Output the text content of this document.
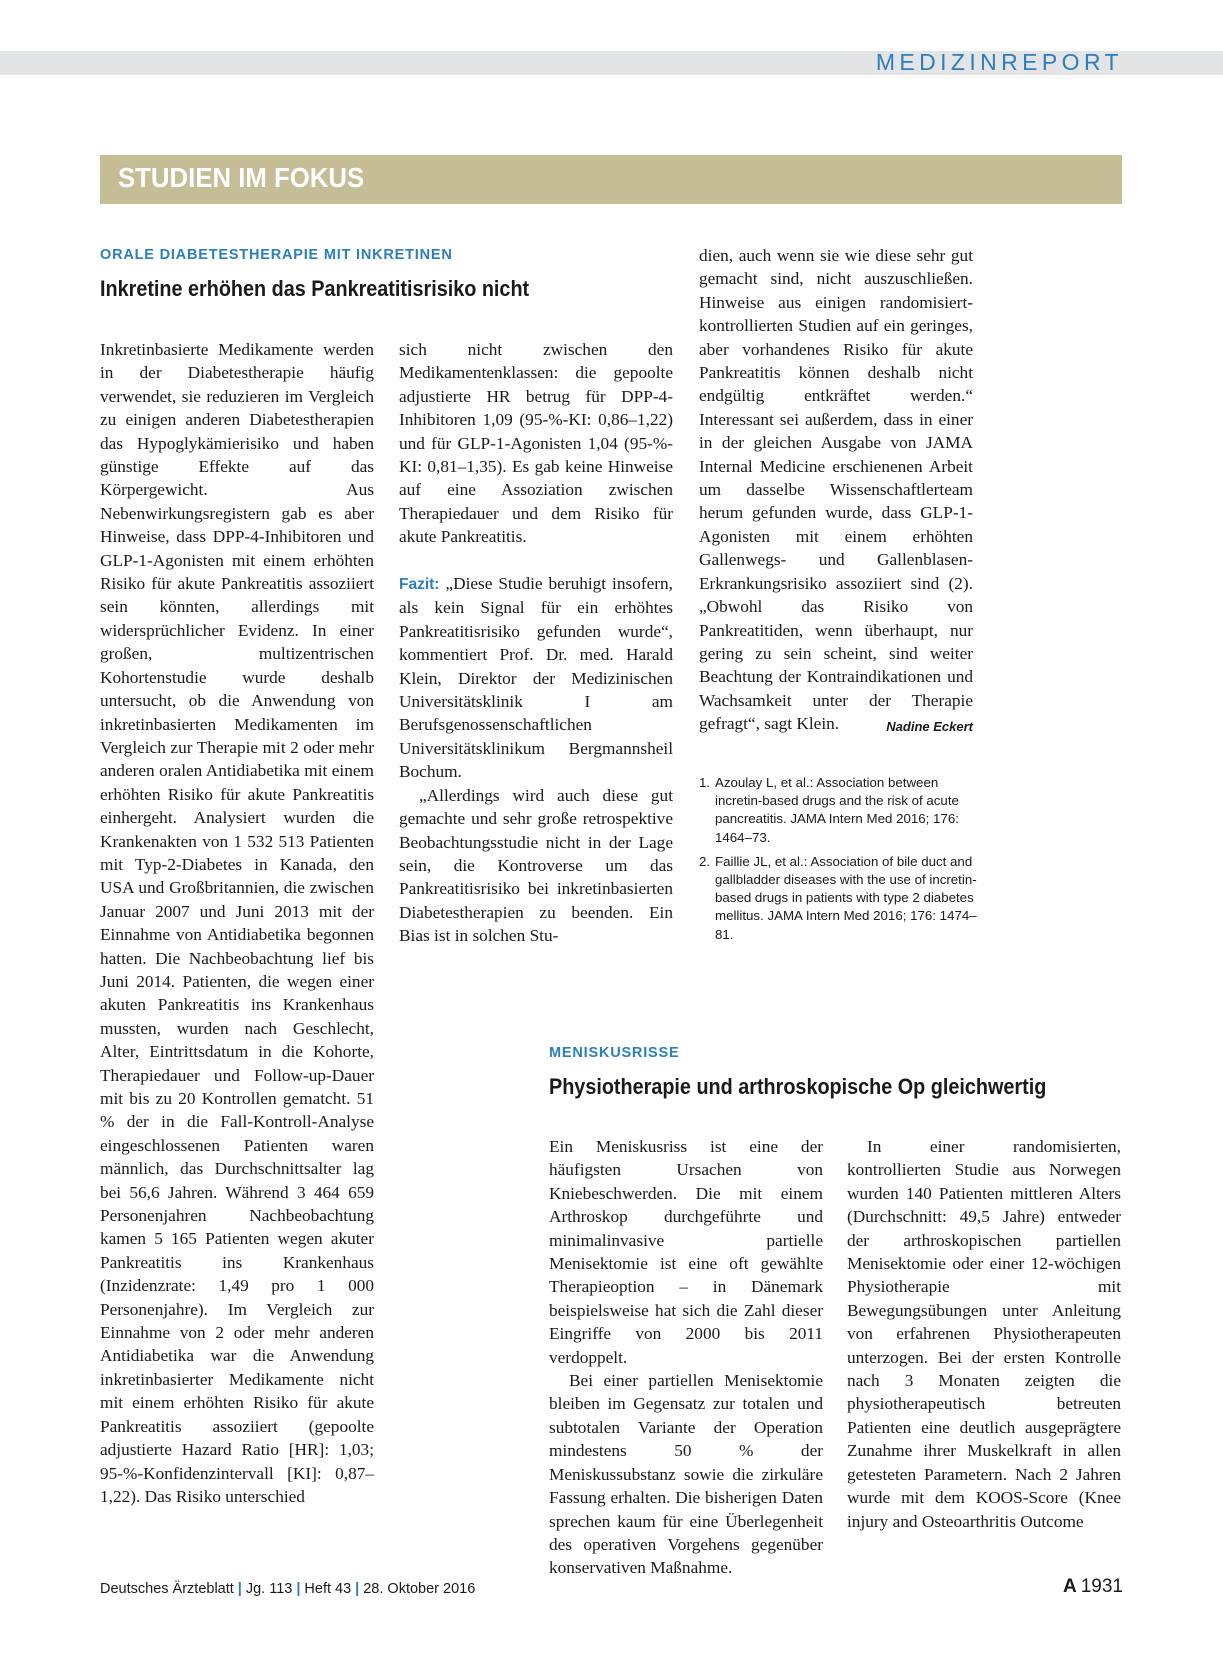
MEDIZINREPORT
STUDIEN IM FOKUS
ORALE DIABETESTHERAPIE MIT INKRETINEN
Inkretine erhöhen das Pankreatitisrisiko nicht

Inkretinbasierte Medikamente werden in der Diabetestherapie häufig verwendet, sie reduzieren im Vergleich zu einigen anderen Diabetestherapien das Hypoglykämierisiko und haben günstige Effekte auf das Körpergewicht. Aus Nebenwirkungsregistern gab es aber Hinweise, dass DPP-4-Inhibitoren und GLP-1-Agonisten mit einem erhöhten Risiko für akute Pankreatitis assoziiert sein könnten, allerdings mit widersprüchlicher Evidenz. In einer großen, multizentrischen Kohortenstudie wurde deshalb untersucht, ob die Anwendung von inkretinbasierten Medikamenten im Vergleich zur Therapie mit 2 oder mehr anderen oralen Antidiabetika mit einem erhöhten Risiko für akute Pankreatitis einhergeht. Analysiert wurden die Krankenakten von 1 532 513 Patienten mit Typ-2-Diabetes in Kanada, den USA und Großbritannien, die zwischen Januar 2007 und Juni 2013 mit der Einnahme von Antidiabetika begonnen hatten. Die Nachbeobachtung lief bis Juni 2014. Patienten, die wegen einer akuten Pankreatitis ins Krankenhaus mussten, wurden nach Geschlecht, Alter, Eintrittsdatum in die Kohorte, Therapiedauer und Follow-up-Dauer mit bis zu 20 Kontrollen gematcht. 51 % der in die Fall-Kontroll-Analyse eingeschlossenen Patienten waren männlich, das Durchschnittsalter lag bei 56,6 Jahren. Während 3 464 659 Personenjahren Nachbeobachtung kamen 5 165 Patienten wegen akuter Pankreatitis ins Krankenhaus (Inzidenzrate: 1,49 pro 1 000 Personenjahre). Im Vergleich zur Einnahme von 2 oder mehr anderen Antidiabetika war die Anwendung inkretinbasierter Medikamente nicht mit einem erhöhten Risiko für akute Pankreatitis assoziiert (gepoolte adjustierte Hazard Ratio [HR]: 1,03; 95-%-Konfidenzintervall [KI]: 0,87–1,22). Das Risiko unterschied

sich nicht zwischen den Medikamentenklassen: die gepoolte adjustierte HR betrug für DPP-4-Inhibitoren 1,09 (95-%-KI: 0,86–1,22) und für GLP-1-Agonisten 1,04 (95-%-KI: 0,81–1,35). Es gab keine Hinweise auf eine Assoziation zwischen Therapiedauer und dem Risiko für akute Pankreatitis.

Fazit: „Diese Studie beruhigt insofern, als kein Signal für ein erhöhtes Pankreatitisrisiko gefunden wurde“, kommentiert Prof. Dr. med. Harald Klein, Direktor der Medizinischen Universitätsklinik I am Berufsgenossenschaftlichen Universitätsklinikum Bergmannsheil Bochum.

„Allerdings wird auch diese gut gemachte und sehr große retrospektive Beobachtungsstudie nicht in der Lage sein, die Kontroverse um das Pankreatitisrisiko bei inkretinbasierten Diabetestherapien zu beenden. Ein Bias ist in solchen Stu-

dien, auch wenn sie wie diese sehr gut gemacht sind, nicht auszuschließen. Hinweise aus einigen randomisiert-kontrollierten Studien auf ein geringes, aber vorhandenes Risiko für akute Pankreatitis können deshalb nicht endgültig entkräftet werden.“ Interessant sei außerdem, dass in einer in der gleichen Ausgabe von JAMA Internal Medicine erschienenen Arbeit um dasselbe Wissenschaftlerteam herum gefunden wurde, dass GLP-1-Agonisten mit einem erhöhten Gallenwegs- und Gallenblasen-Erkrankungsrisiko assoziiert sind (2). „Obwohl das Risiko von Pankreatitiden, wenn überhaupt, nur gering zu sein scheint, sind weiter Beachtung der Kontraindikationen und Wachsamkeit unter der Therapie gefragt“, sagt Klein.	Nadine Eckert

1. Azoulay L, et al.: Association between incretin-based drugs and the risk of acute pancreatitis. JAMA Intern Med 2016; 176: 1464–73.
2. Faillie JL, et al.: Association of bile duct and gallbladder diseases with the use of incretin-based drugs in patients with type 2 diabetes mellitus. JAMA Intern Med 2016; 176: 1474–81.
MENISKUSRISSE
Physiotherapie und arthroskopische Op gleichwertig

Ein Meniskusriss ist eine der häufigsten Ursachen von Kniebeschwerden. Die mit einem Arthroskop durchgeführte und minimalinvasive partielle Menisektomie ist eine oft gewählte Therapieoption – in Dänemark beispielsweise hat sich die Zahl dieser Eingriffe von 2000 bis 2011 verdoppelt.

Bei einer partiellen Menisektomie bleiben im Gegensatz zur totalen und subtotalen Variante der Operation mindestens 50 % der Meniskussubstanz sowie die zirkuläre Fassung erhalten. Die bisherigen Daten sprechen kaum für eine Überlegenheit des operativen Vorgehens gegenüber konservativen Maßnahme.

In einer randomisierten, kontrollierten Studie aus Norwegen wurden 140 Patienten mittleren Alters (Durchschnitt: 49,5 Jahre) entweder der arthroskopischen partiellen Menisektomie oder einer 12-wöchigen Physiotherapie mit Bewegungsübungen unter Anleitung von erfahrenen Physiotherapeuten unterzogen. Bei der ersten Kontrolle nach 3 Monaten zeigten die physiotherapeutisch betreuten Patienten eine deutlich ausgeprägtere Zunahme ihrer Muskelkraft in allen getesteten Parametern. Nach 2 Jahren wurde mit dem KOOS-Score (Knee injury and Osteoarthritis Outcome

Deutsches Ärzteblatt | Jg. 113 | Heft 43 | 28. Oktober 2016	A 1931
